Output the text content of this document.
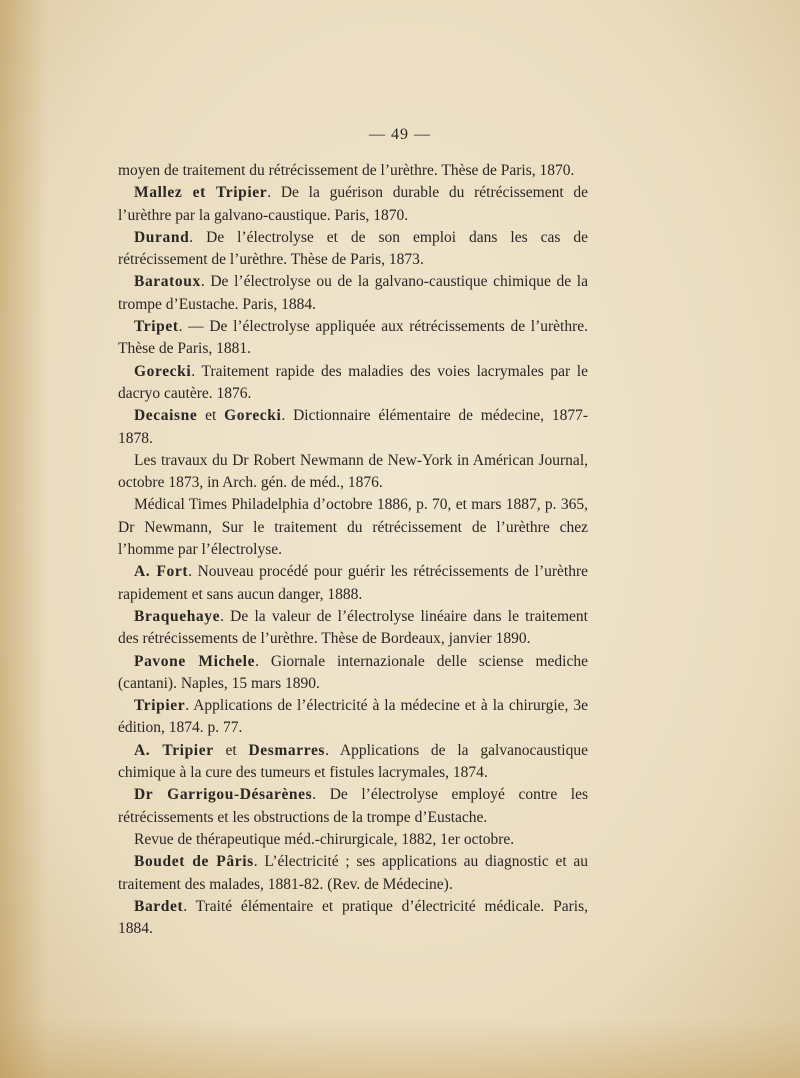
— 49 —

moyen de traitement du rétrécissement de l’urèthre. Thèse de Paris, 1870.

Mallez et Tripier. De la guérison durable du rétrécissement de l’urèthre par la galvano-caustique. Paris, 1870.

Durand. De l’électrolyse et de son emploi dans les cas de rétrécissement de l’urèthre. Thèse de Paris, 1873.

Baratoux. De l’électrolyse ou de la galvano-caustique chimique de la trompe d’Eustache. Paris, 1884.

Tripet. — De l’électrolyse appliquée aux rétrécissements de l’urèthre. Thèse de Paris, 1881.

Gorecki. Traitement rapide des maladies des voies lacrymales par le dacryo cautère. 1876.

Decaisne et Gorecki. Dictionnaire élémentaire de médecine, 1877-1878.

Les travaux du Dr Robert Newmann de New-York in Américan Journal, octobre 1873, in Arch. gén. de méd., 1876.

Médical Times Philadelphia d’octobre 1886, p. 70, et mars 1887, p. 365, Dr Newmann, Sur le traitement du rétrécissement de l’urèthre chez l’homme par l’électrolyse.

A. Fort. Nouveau procédé pour guérir les rétrécissements de l’urèthre rapidement et sans aucun danger, 1888.

Braquehaye. De la valeur de l’électrolyse linéaire dans le traitement des rétrécissements de l’urèthre. Thèse de Bordeaux, janvier 1890.

Pavone Michele. Giornale internazionale delle sciense mediche (cantani). Naples, 15 mars 1890.

Tripier. Applications de l’électricité à la médecine et à la chirurgie, 3e édition, 1874. p. 77.

A. Tripier et Desmarres. Applications de la galvanocaustique chimique à la cure des tumeurs et fistules lacrymales, 1874.

Dr Garrigou-Désarènes. De l’électrolyse employé contre les rétrécissements et les obstructions de la trompe d’Eustache.

Revue de thérapeutique méd.-chirurgicale, 1882, 1er octobre.

Boudet de Pâris. L’électricité ; ses applications au diagnostic et au traitement des malades, 1881-82. (Rev. de Médecine).

Bardet. Traité élémentaire et pratique d’électricité médicale. Paris, 1884.
